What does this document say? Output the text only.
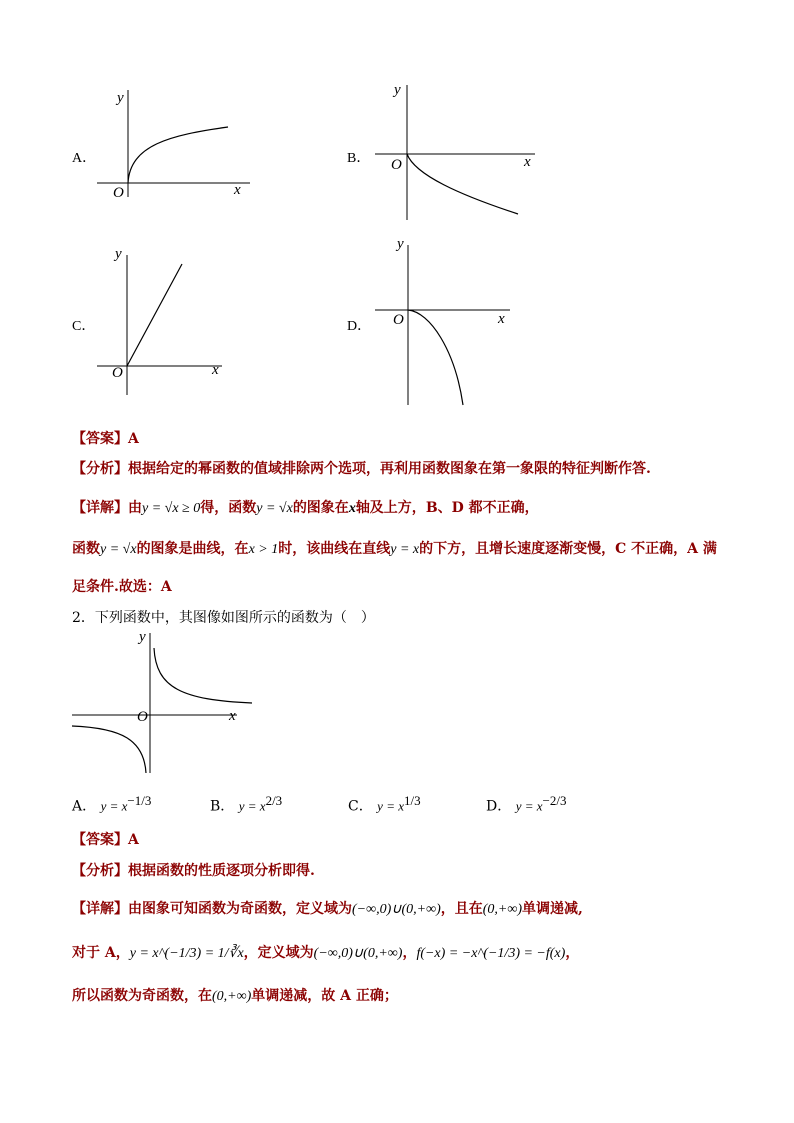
A．
y
x
O
B．
y
x
O
C．
y
x
O
D．
y
x
O
【答案】A
【分析】根据给定的幂函数的值域排除两个选项，再利用函数图象在第一象限的特征判断作答.
【详解】由y = √x ≥ 0得，函数y = √x的图象在x轴及上方，B、D 都不正确，
函数y = √x的图象是曲线，在x > 1时，该曲线在直线y = x的下方，且增长速度逐渐变慢，C 不正确，A 满
足条件.故选：A
2．下列函数中，其图像如图所示的函数为（　）
y
x
O
A． $y = x^{-1/3}$	B． $y = x^{2/3}$	C． $y = x^{1/3}$	D． $y = x^{-2/3}$
【答案】A
【分析】根据函数的性质逐项分析即得.
【详解】由图象可知函数为奇函数，定义域为(−∞,0)∪(0,+∞)，且在(0,+∞)单调递减,
对于 A，y = x^(−1/3) = 1/∛x，定义域为(−∞,0)∪(0,+∞)，f(−x) = −x^(−1/3) = −f(x)，
所以函数为奇函数，在(0,+∞)单调递减，故 A 正确；
